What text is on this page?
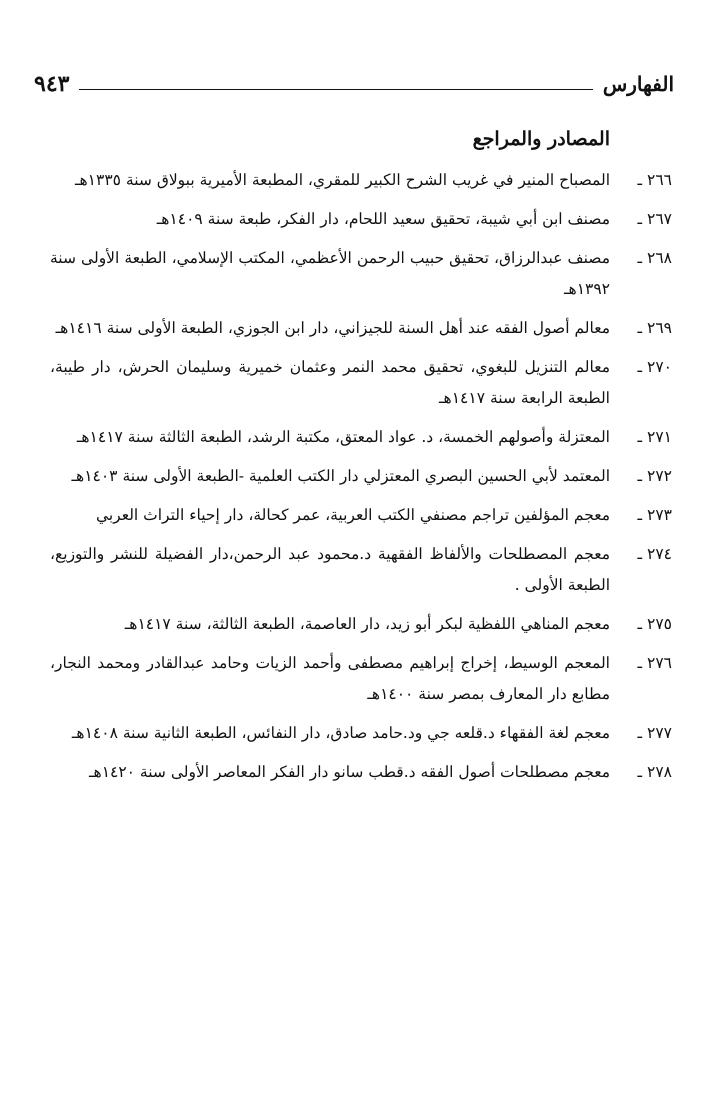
الفهارس
٩٤٣
المصادر والمراجع
٢٦٦ ـ
المصباح المنير في غريب الشرح الكبير للمقري، المطبعة الأميرية ببولاق سنة ١٣٣٥هـ
٢٦٧ ـ
مصنف ابن أبي شيبة، تحقيق سعيد اللحام، دار الفكر، طبعة سنة ١٤٠٩هـ
٢٦٨ ـ
مصنف عبدالرزاق، تحقيق حبيب الرحمن الأعظمي، المكتب الإسلامي، الطبعة الأولى سنة ١٣٩٢هـ
٢٦٩ ـ
معالم أصول الفقه عند أهل السنة للجيزاني، دار ابن الجوزي، الطبعة الأولى سنة ١٤١٦هـ
٢٧٠ ـ
معالم التنزيل للبغوي، تحقيق محمد النمر وعثمان خميرية وسليمان الحرش، دار طيبة، الطبعة الرابعة سنة ١٤١٧هـ
٢٧١ ـ
المعتزلة وأصولهم الخمسة، د. عواد المعتق، مكتبة الرشد، الطبعة الثالثة سنة ١٤١٧هـ
٢٧٢ ـ
المعتمد لأبي الحسين البصري المعتزلي دار الكتب العلمية -الطبعة الأولى سنة ١٤٠٣هـ
٢٧٣ ـ
معجم المؤلفين تراجم مصنفي الكتب العربية، عمر كحالة، دار إحياء التراث العربي
٢٧٤ ـ
معجم المصطلحات والألفاظ الفقهية د.محمود عبد الرحمن،دار الفضيلة للنشر والتوزيع، الطبعة الأولى .
٢٧٥ ـ
معجم المناهي اللفظية لبكر أبو زيد، دار العاصمة، الطبعة الثالثة، سنة ١٤١٧هـ
٢٧٦ ـ
المعجم الوسيط، إخراج إبراهيم مصطفى وأحمد الزيات وحامد عبدالقادر ومحمد النجار، مطابع دار المعارف بمصر سنة ١٤٠٠هـ
٢٧٧ ـ
معجم لغة الفقهاء د.قلعه جي ود.حامد صادق، دار النفائس، الطبعة الثانية سنة ١٤٠٨هـ
٢٧٨ ـ
معجم مصطلحات أصول الفقه د.قطب سانو دار الفكر المعاصر الأولى سنة ١٤٢٠هـ
